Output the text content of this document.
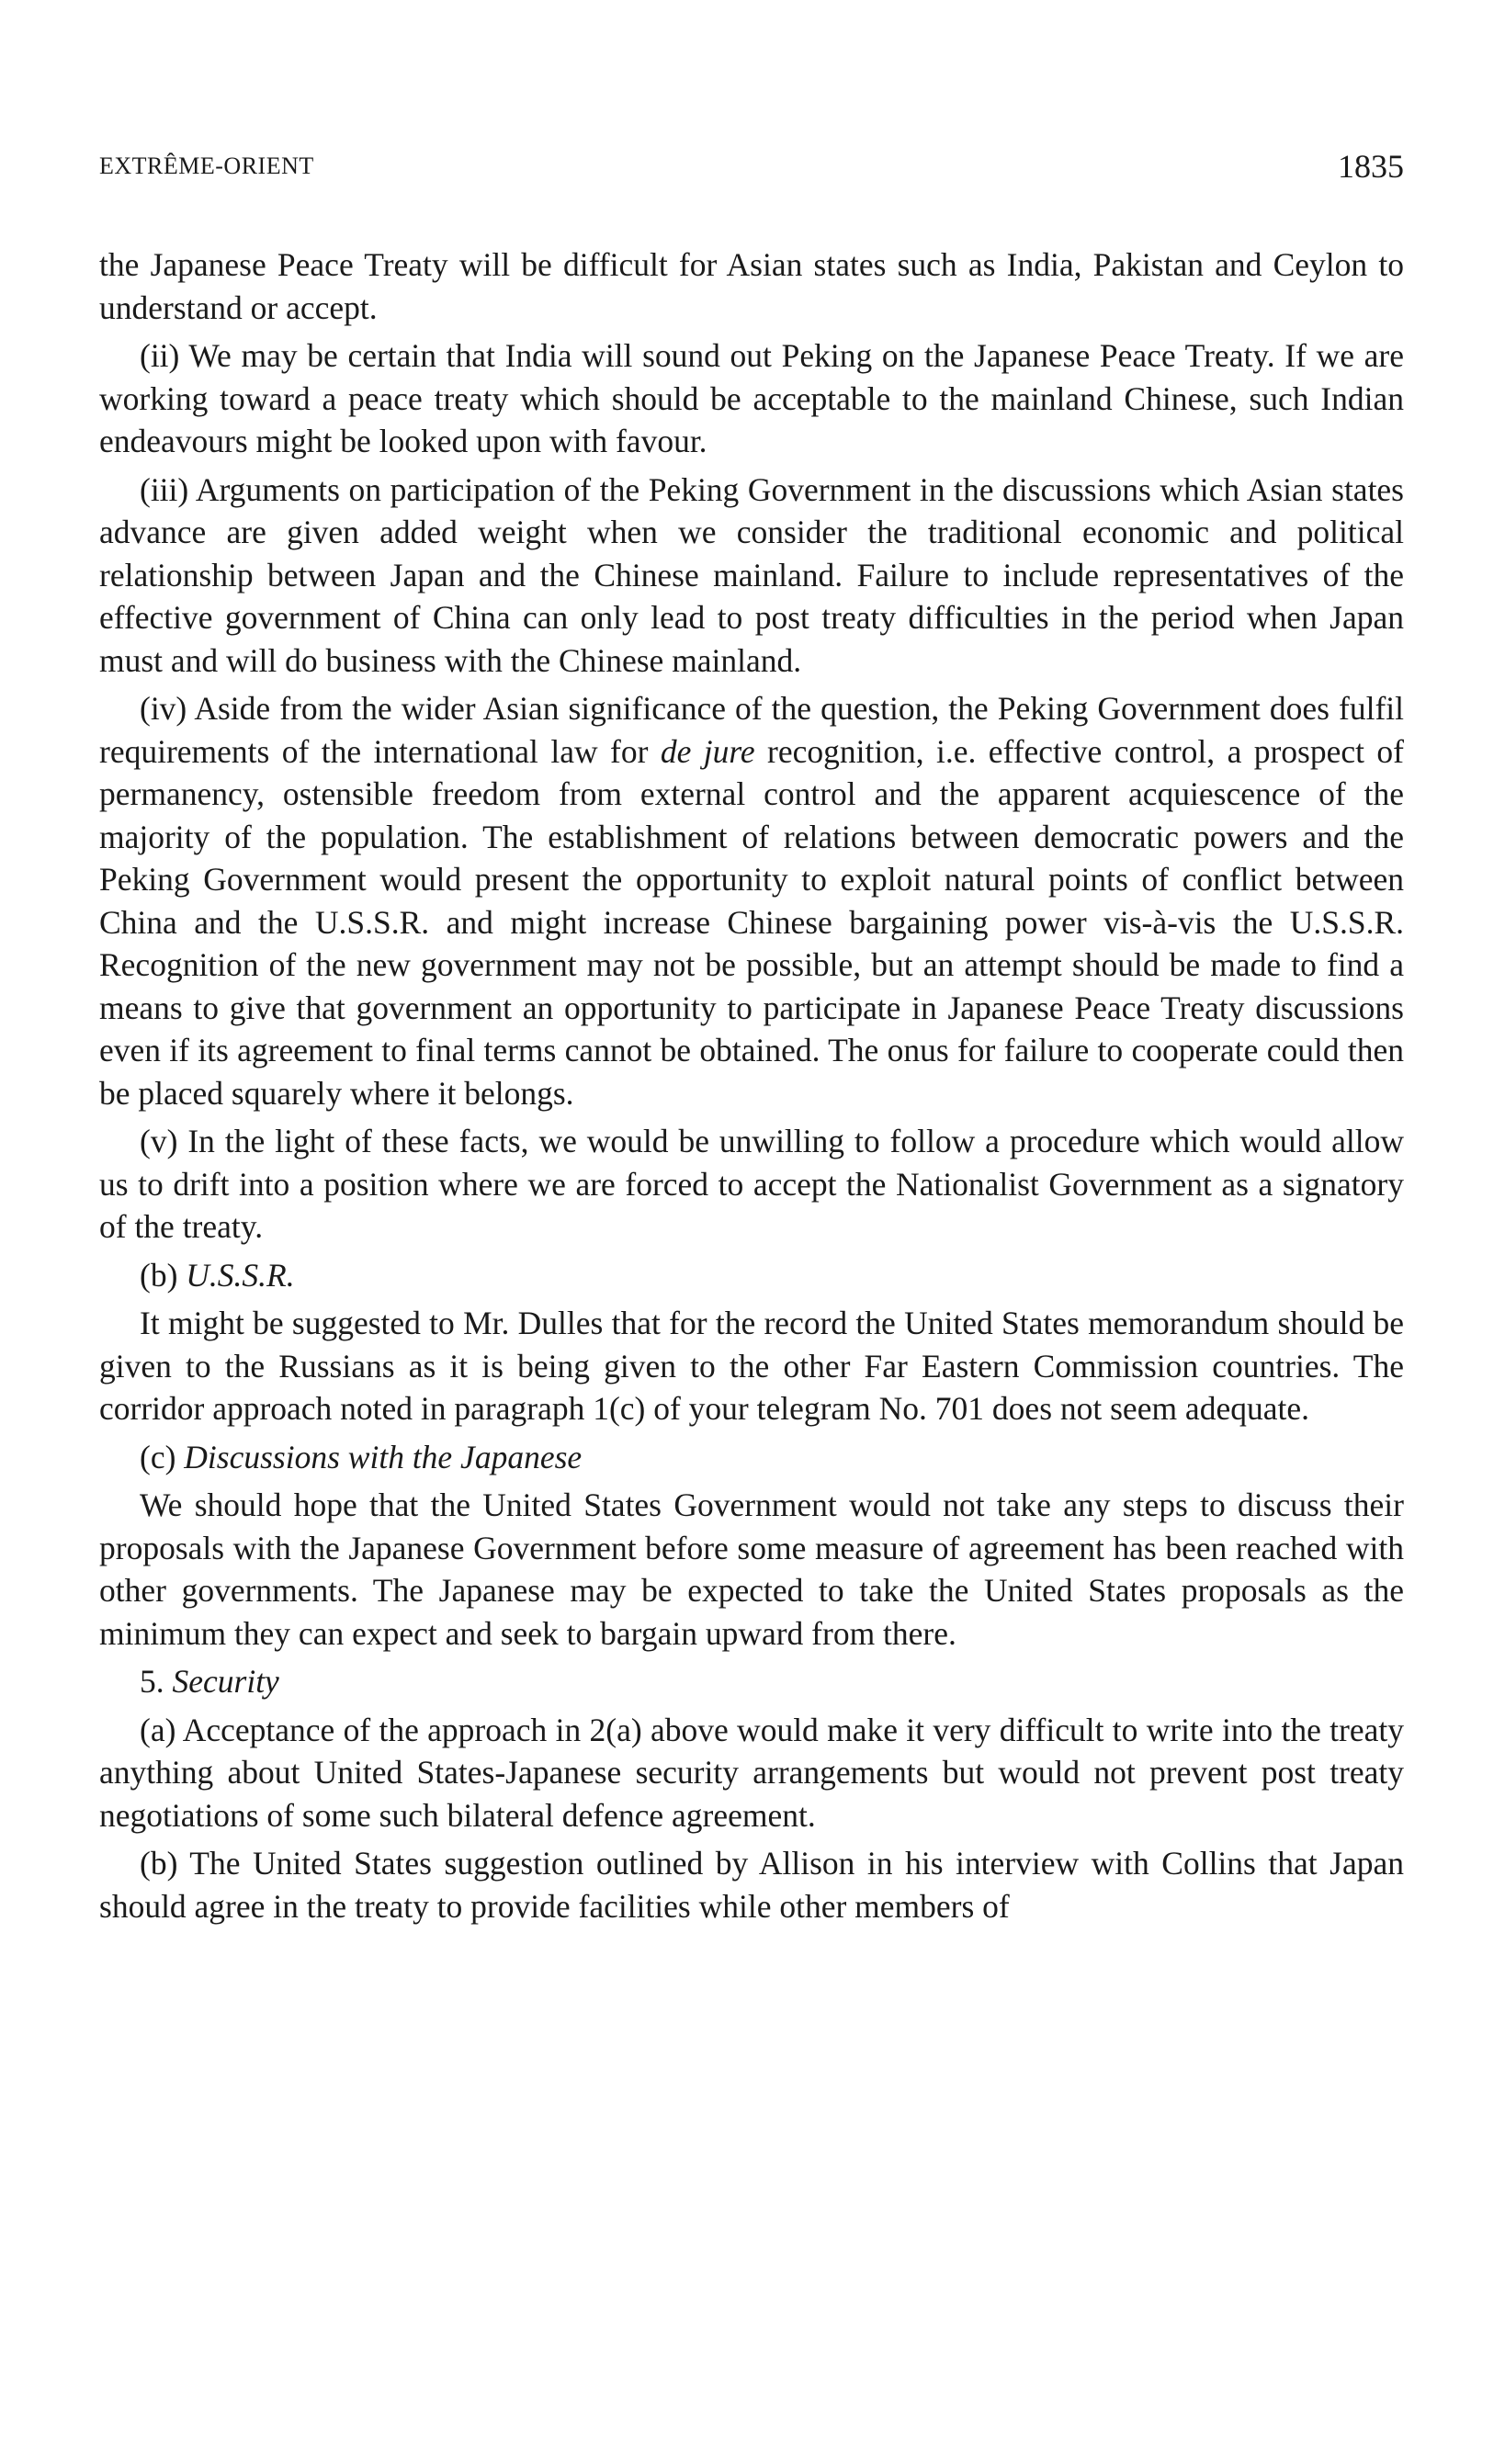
EXTRÊME-ORIENT	1835

the Japanese Peace Treaty will be difficult for Asian states such as India, Pakistan and Ceylon to understand or accept.

(ii) We may be certain that India will sound out Peking on the Japanese Peace Treaty. If we are working toward a peace treaty which should be acceptable to the mainland Chinese, such Indian endeavours might be looked upon with favour.

(iii) Arguments on participation of the Peking Government in the discussions which Asian states advance are given added weight when we consider the traditional economic and political relationship between Japan and the Chinese mainland. Failure to include representatives of the effective government of China can only lead to post treaty difficulties in the period when Japan must and will do business with the Chinese mainland.

(iv) Aside from the wider Asian significance of the question, the Peking Government does fulfil requirements of the international law for de jure recognition, i.e. effective control, a prospect of permanency, ostensible freedom from external control and the apparent acquiescence of the majority of the population. The establishment of relations between democratic powers and the Peking Government would present the opportunity to exploit natural points of conflict between China and the U.S.S.R. and might increase Chinese bargaining power vis-à-vis the U.S.S.R. Recognition of the new government may not be possible, but an attempt should be made to find a means to give that government an opportunity to participate in Japanese Peace Treaty discussions even if its agreement to final terms cannot be obtained. The onus for failure to cooperate could then be placed squarely where it belongs.

(v) In the light of these facts, we would be unwilling to follow a procedure which would allow us to drift into a position where we are forced to accept the Nationalist Government as a signatory of the treaty.

(b) U.S.S.R.

It might be suggested to Mr. Dulles that for the record the United States memorandum should be given to the Russians as it is being given to the other Far Eastern Commission countries. The corridor approach noted in paragraph 1(c) of your telegram No. 701 does not seem adequate.

(c) Discussions with the Japanese

We should hope that the United States Government would not take any steps to discuss their proposals with the Japanese Government before some measure of agreement has been reached with other governments. The Japanese may be expected to take the United States proposals as the minimum they can expect and seek to bargain upward from there.

5. Security

(a) Acceptance of the approach in 2(a) above would make it very difficult to write into the treaty anything about United States-Japanese security arrangements but would not prevent post treaty negotiations of some such bilateral defence agreement.

(b) The United States suggestion outlined by Allison in his interview with Collins that Japan should agree in the treaty to provide facilities while other members of
